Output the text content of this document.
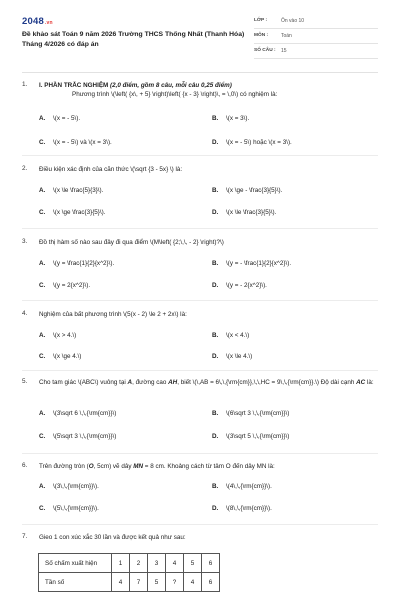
2048.vn
Đề khảo sát Toán 9 năm 2026 Trường THCS Thống Nhất (Thanh Hóa) Tháng 4/2026 có đáp án
LỚP :	Ôn vào 10
MÔN :	Toán
SỐ CÂU : 15
1. I. PHẦN TRẮC NGHIỆM (2,0 điểm, gồm 8 câu, mỗi câu 0,25 điểm)
Phương trình \(\left( {x\, + 5} \right)\left( {x - 3} \right)\, = \,0\) có nghiệm là:
A. \(x = - 5\).	B. \(x = 3\).
C. \(x = - 5\) và \(x = 3\).	D. \(x = - 5\) hoặc \(x = 3\).
2. Điều kiện xác định của căn thức \(\sqrt {3 - 5x} \) là:
A. \(x \le \frac{5}{3}\).	B. \(x \ge - \frac{3}{5}\).
C. \(x \ge \frac{3}{5}\).	D. \(x \le \frac{3}{5}\).
3. Đồ thị hàm số nào sau đây đi qua điểm \(M\left( {2;\,\, - 2} \right)?\)
A. \(y = \frac{1}{2}{x^2}\).	B. \(y = - \frac{1}{2}{x^2}\).
C. \(y = 2{x^2}\).	D. \(y = - 2{x^2}\).
4. Nghiệm của bất phương trình \(5(x - 2) \le 2 + 2x\) là:
A. \(x > 4.\)	B. \(x < 4.\)
C. \(x \ge 4.\)	D. \(x \le 4.\)
5. Cho tam giác \(ABC\) vuông tại A, đường cao AH, biết \(\,AB = 6\,\,{\rm{cm}},\,\,HC = 9\,\,{\rm{cm}}.\) Độ dài cạnh AC là:
A. \(3\sqrt 6 \,\,{\rm{cm}}\)	B. \(6\sqrt 3 \,\,{\rm{cm}}\)
C. \(5\sqrt 3 \,\,{\rm{cm}}\)	D. \(3\sqrt 5 \,\,{\rm{cm}}\)
6. Trên đường tròn (O, 5cm) vẽ dây MN = 8 cm. Khoảng cách từ tâm O đến dây MN là:
A. \(3\,\,{\rm{cm}}\).	B. \(4\,\,{\rm{cm}}\).
C. \(5\,\,{\rm{cm}}\).	D. \(8\,\,{\rm{cm}}\).
7. Gieo 1 con xúc xắc 30 lần và được kết quả như sau:
Số chấm xuất hiện	1	2	3	4	5	6
Tần số	4	7	5	?	4	6
